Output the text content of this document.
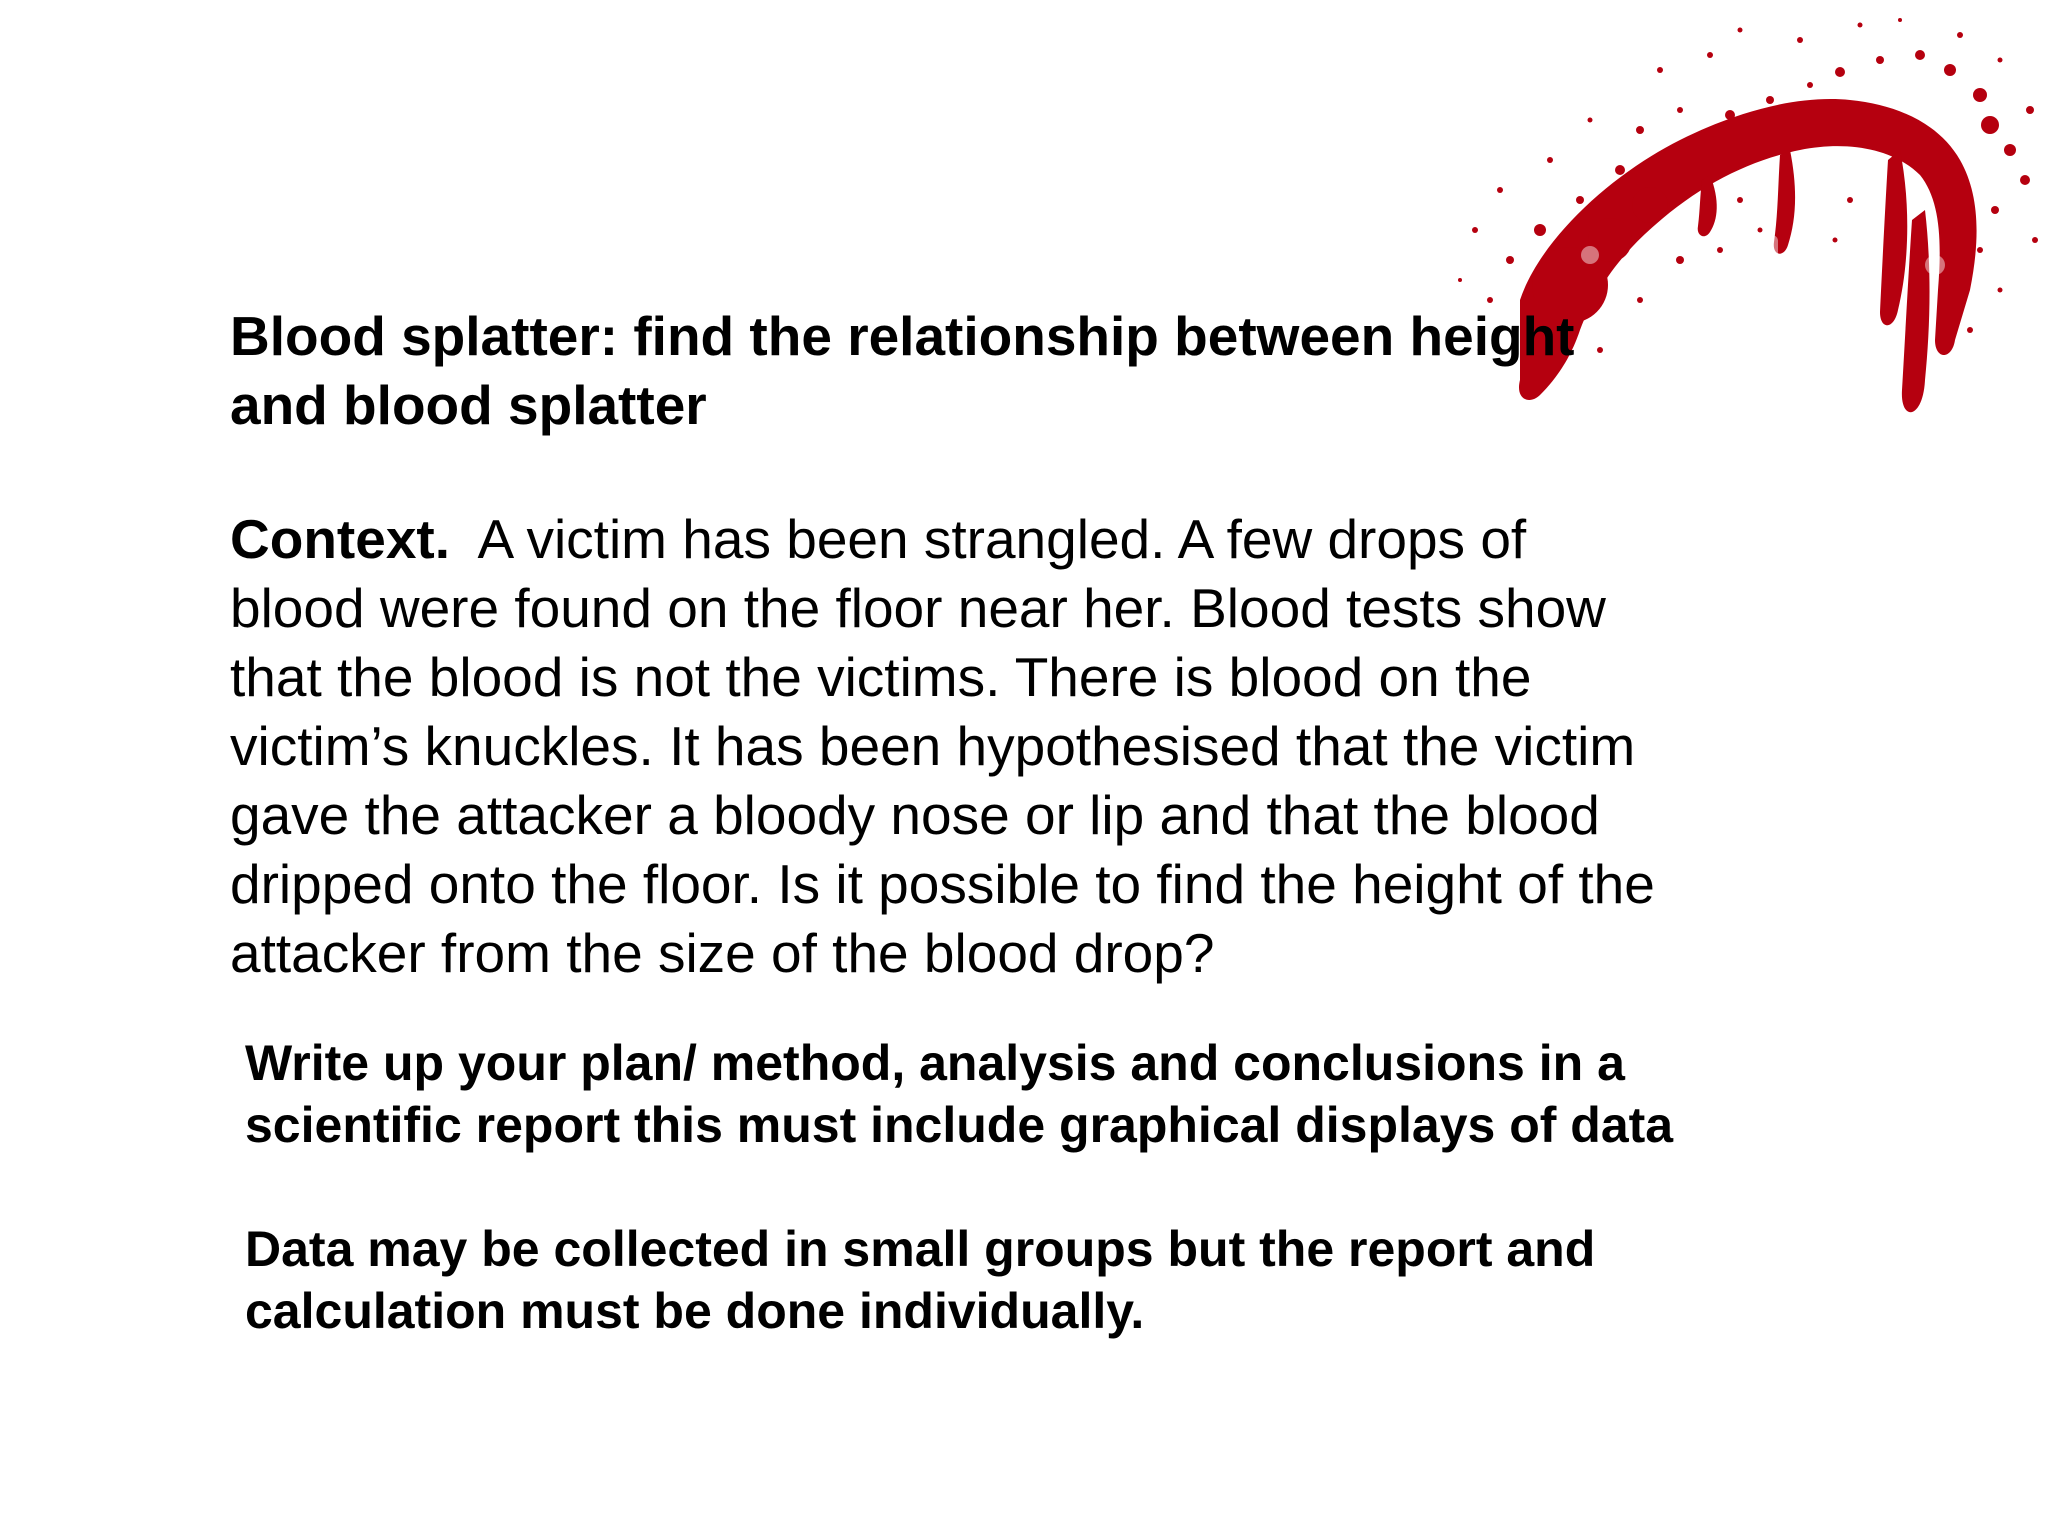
Blood splatter: find the relationship between height
and blood splatter

Context. A victim has been strangled. A few drops of
blood were found on the floor near her. Blood tests show
that the blood is not the victims. There is blood on the
victim’s knuckles. It has been hypothesised that the victim
gave the attacker a bloody nose or lip and that the blood
dripped onto the floor. Is it possible to find the height of the
attacker from the size of the blood drop?

Write up your plan/ method, analysis and conclusions in a
scientific report this must include graphical displays of data

Data may be collected in small groups but the report and
calculation must be done individually.
